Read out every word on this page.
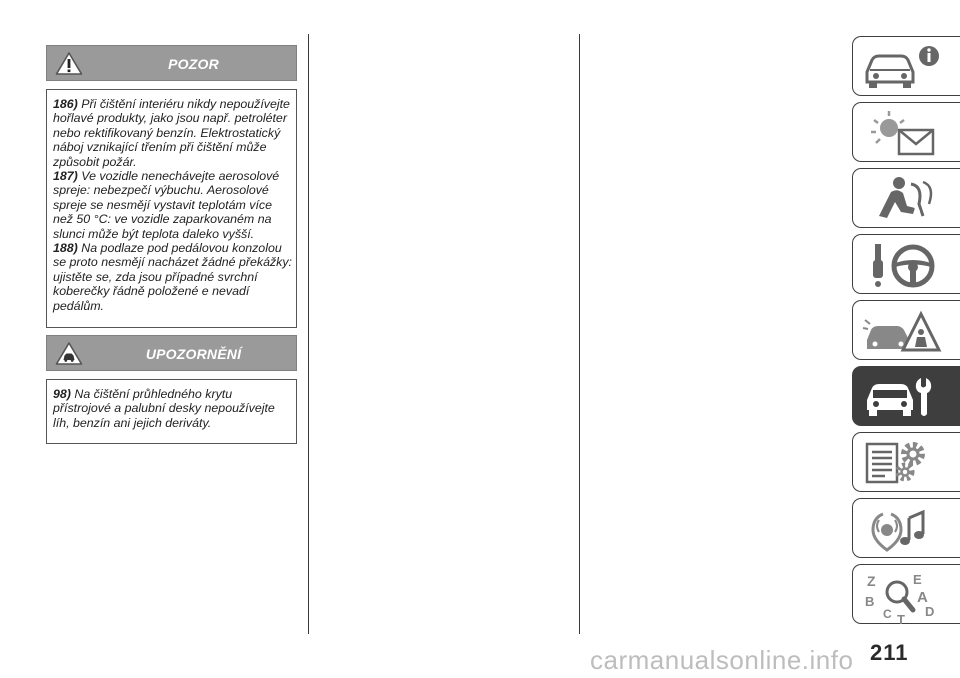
POZOR

186) Při čištění interiéru nikdy nepoužívejte hořlavé produkty, jako jsou např. petroléter nebo rektifikovaný benzín. Elektrostatický náboj vznikající třením při čištění může způsobit požár.

187) Ve vozidle nenechávejte aerosolové spreje: nebezpečí výbuchu. Aerosolové spreje se nesmějí vystavit teplotám více než 50 °C: ve vozidle zaparkovaném na slunci může být teplota daleko vyšší.

188) Na podlaze pod pedálovou konzolou se proto nesmějí nacházet žádné překážky: ujistěte se, zda jsou případné svrchní koberečky řádně položené e nevadí pedálům.

UPOZORNĚNÍ

98) Na čištění průhledného krytu přístrojové a palubní desky nepoužívejte líh, benzín ani jejich deriváty.

Z	E
A
B
C	D
T
211
carmanualsonline.info
